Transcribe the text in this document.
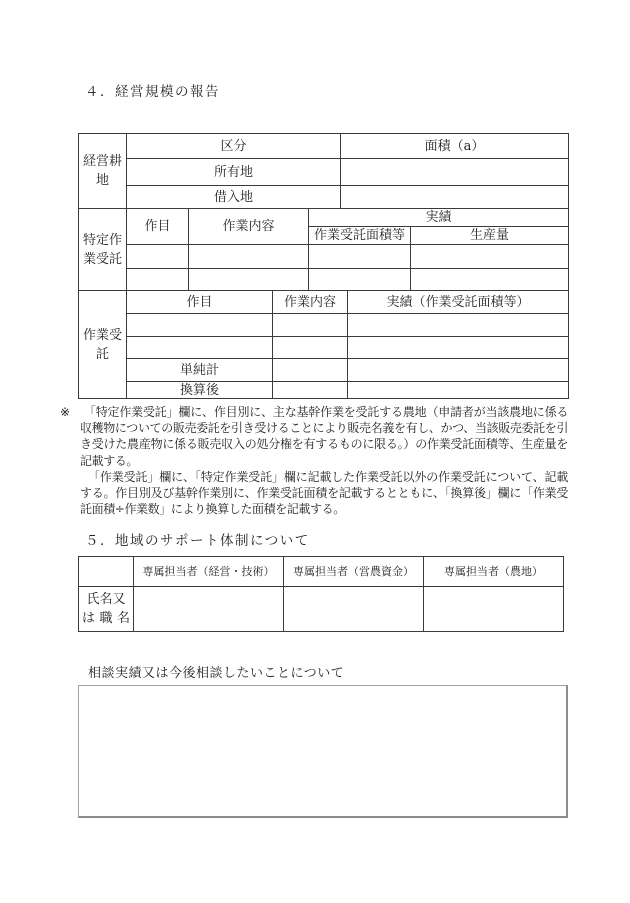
４．経営規模の報告
経営耕地	区分	面積（a）
	所有地	
	借入地	
特定作業受託	作目	作業内容	実績	
			作業受託面積等	生産量

作業受託	作目	作業内容	実績（作業受託面積等）

	単純計		
	換算後		

※ 「特定作業受託」欄に、作目別に、主な基幹作業を受託する農地（申請者が当該農地に係る収穫物についての販売委託を引き受けることにより販売名義を有し、かつ、当該販売委託を引き受けた農産物に係る販売収入の処分権を有するものに限る。）の作業受託面積等、生産量を記載する。

「作業受託」欄に、「特定作業受託」欄に記載した作業受託以外の作業受託について、記載する。作目別及び基幹作業別に、作業受託面積を記載するとともに、「換算後」欄に「作業受託面積÷作業数」により換算した面積を記載する。

５．地域のサポート体制について
	専属担当者（経営・技術）	専属担当者（営農資金）	専属担当者（農地）
氏名又は職名			
相談実績又は今後相談したいことについて
